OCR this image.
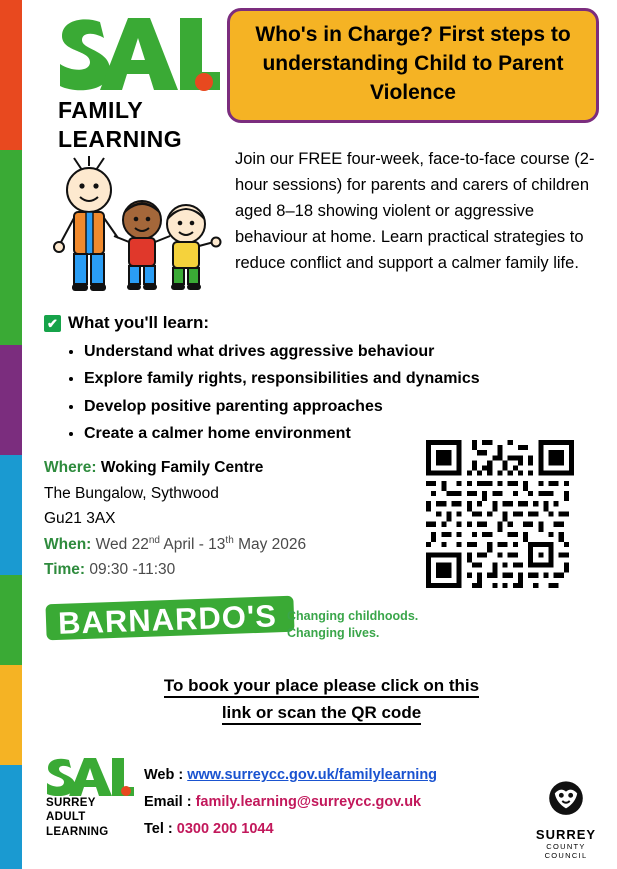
FAMILY
LEARNING
Who's in Charge? First steps to understanding Child to Parent Violence
Join our FREE four-week, face-to-face course (2-hour sessions) for parents and carers of children aged 8–18 showing violent or aggressive behaviour at home. Learn practical strategies to reduce conflict and support a calmer family life.
✔ What you'll learn:
• Understand what drives aggressive behaviour
• Explore family rights, responsibilities and dynamics
• Develop positive parenting approaches
• Create a calmer home environment
Where: Woking Family Centre
The Bungalow, Sythwood
Gu21 3AX
When: Wed 22nd April - 13th May 2026
Time: 09:30 -11:30
BARNARDO'S Changing childhoods.
Changing lives.
To book your place please click on this
link or scan the QR code
SURREY
ADULT
LEARNING
Web : www.surreycc.gov.uk/familylearning
Email : family.learning@surreycc.gov.uk
Tel : 0300 200 1044	SURREY
COUNTY COUNCIL
